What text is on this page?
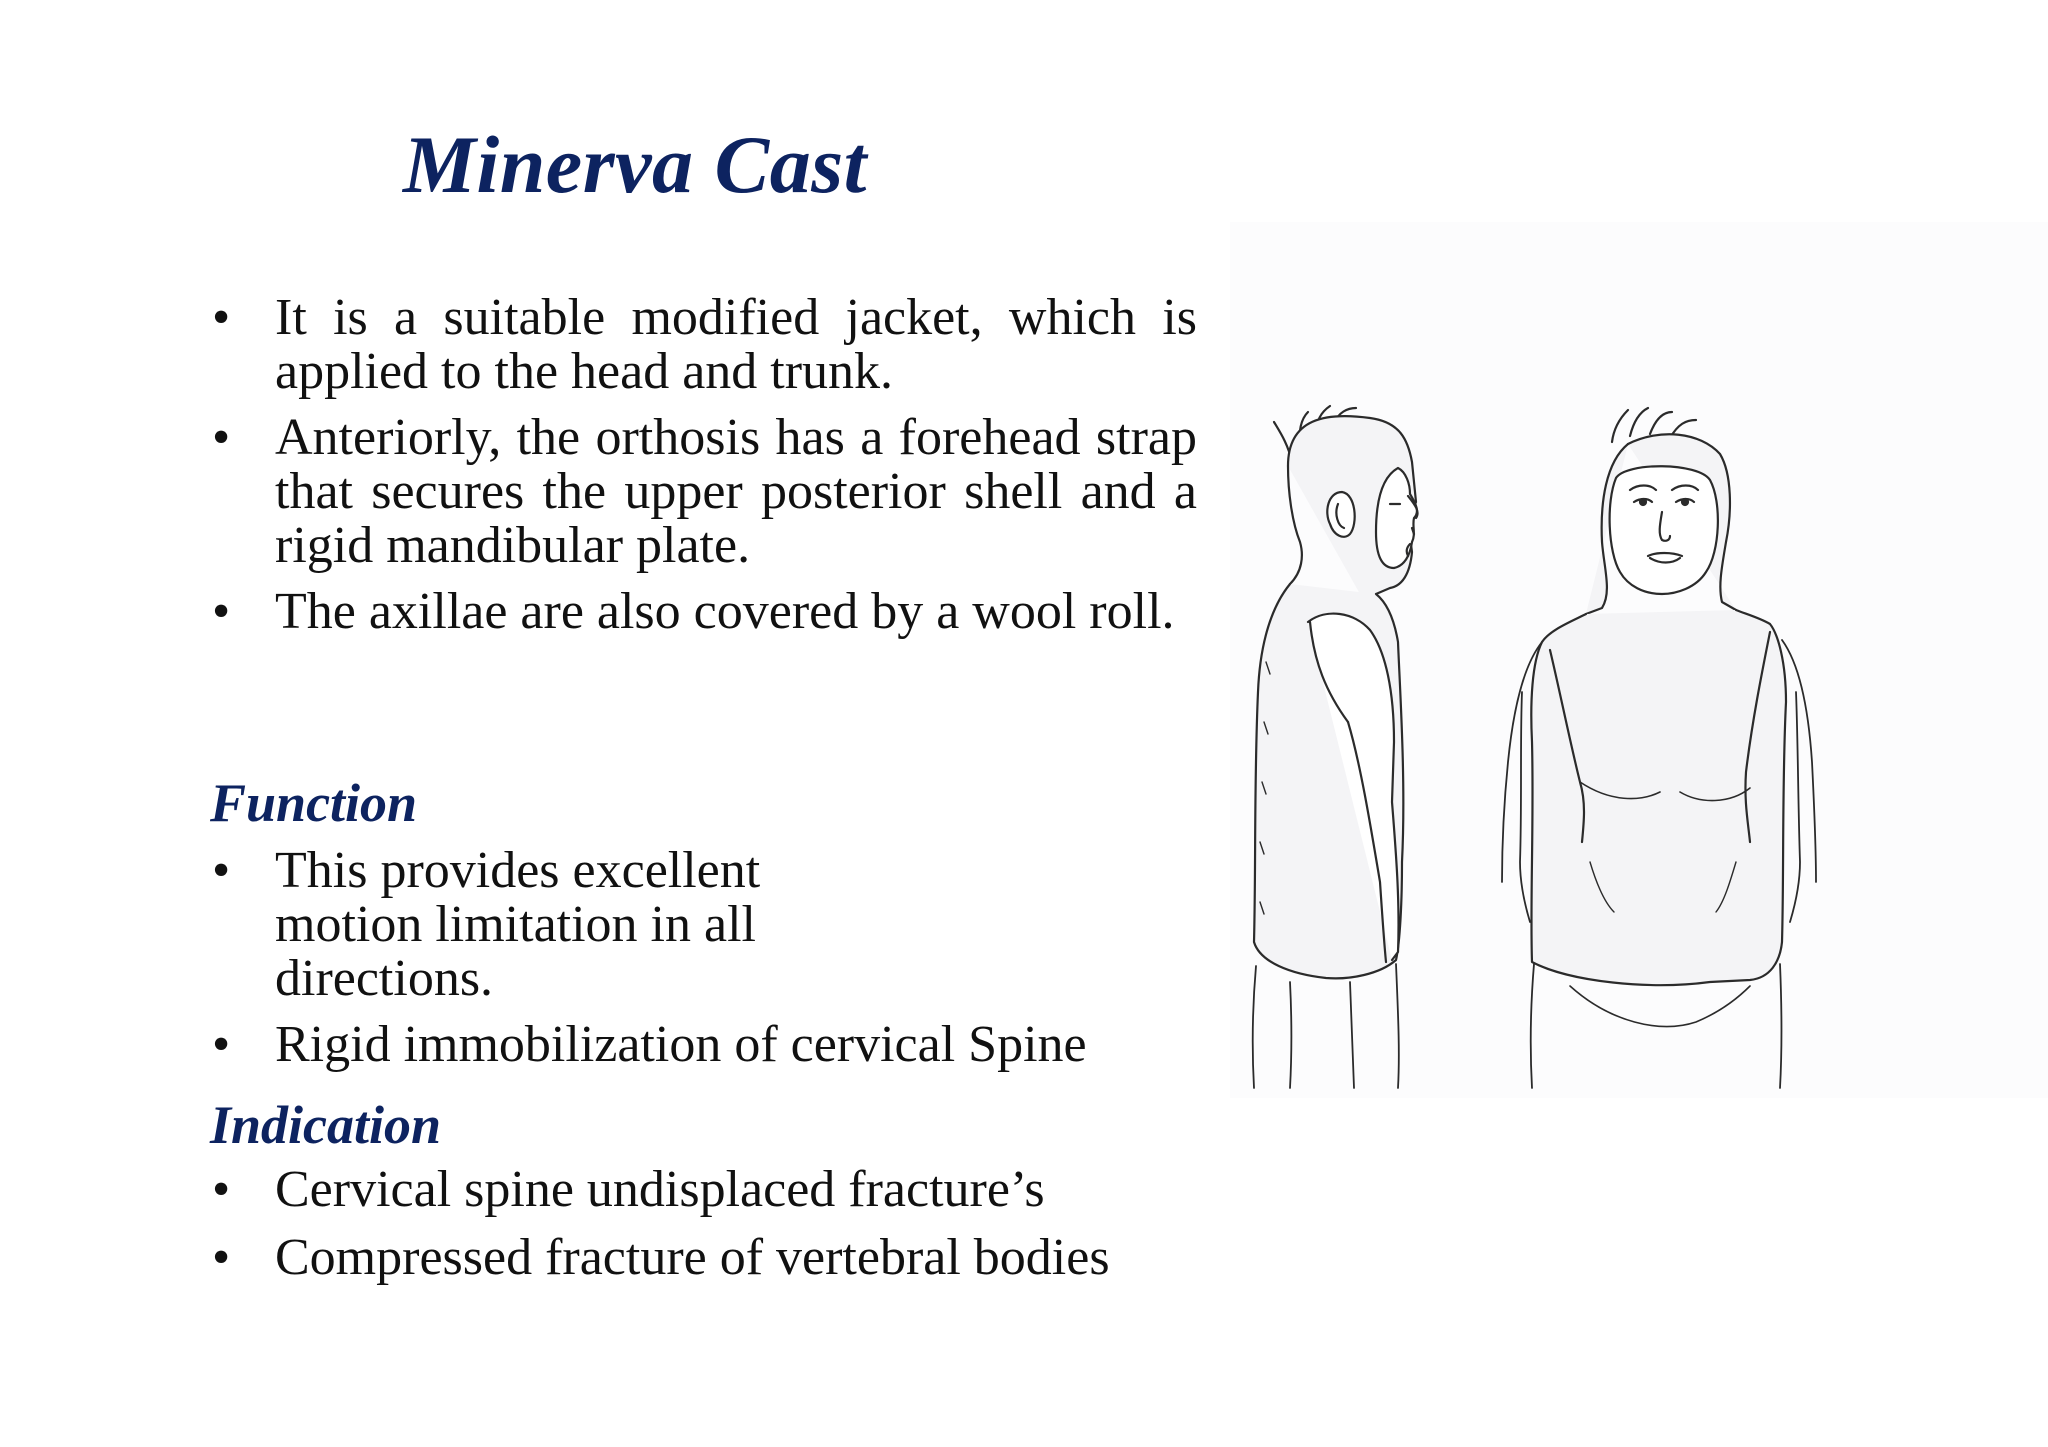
Minerva Cast
• It is a suitable modified jacket, which is applied to the head and trunk.
• Anteriorly, the orthosis has a forehead strap that secures the upper posterior shell and a rigid mandibular plate.
• The axillae are also covered by a wool roll.
Function
• This provides excellent motion limitation in all directions.
• Rigid immobilization of cervical Spine
Indication
• Cervical spine undisplaced fracture’s
• Compressed fracture of vertebral bodies
